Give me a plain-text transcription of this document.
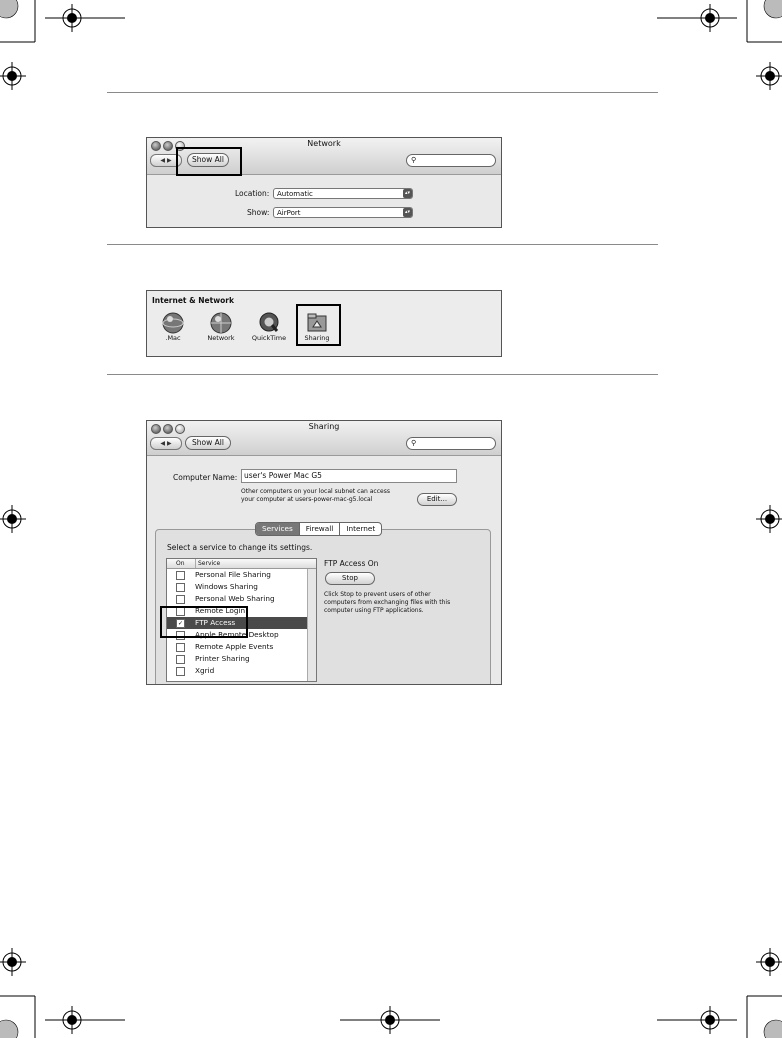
Network
◀ ▶	Show All	⚲
Location:	Automatic	▴▾
Show:	AirPort	▴▾
Internet & Network
.Mac	Network	QuickTime	Sharing
Sharing
◀ ▶	Show All	⚲
Computer Name: user's Power Mac G5
Other computers on your local subnet can access
your computer at users-power-mac-g5.local	Edit...
Services Firewall Internet
Select a service to change its settings.
FTP Access On
Stop
Click Stop to prevent users of other
computers from exchanging files with this
computer using FTP applications.
On	Service
Personal File Sharing
Windows Sharing
Personal Web Sharing
Remote Login
✓ FTP Access
Apple Remote Desktop
Remote Apple Events
Printer Sharing
Xgrid
